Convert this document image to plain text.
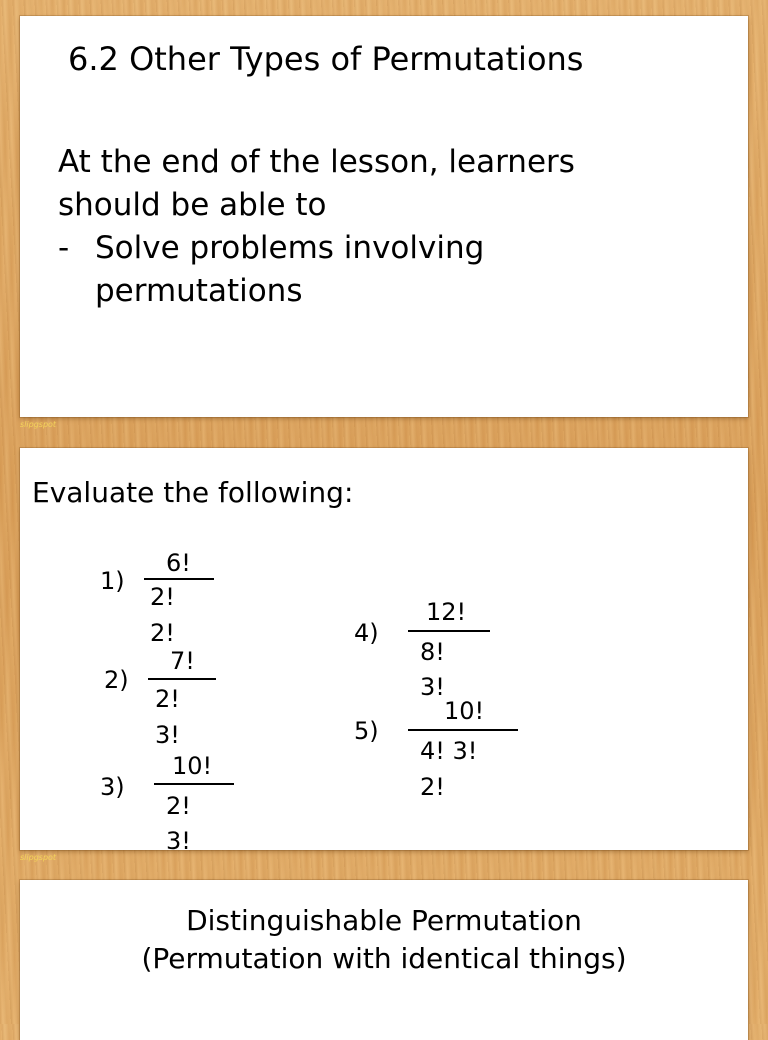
6.2 Other Types of Permutations
At the end of the lesson, learners
should be able to
- Solve problems involving
permutations
slipgspot
Evaluate the following:
1)
6!
2!
2!
2)
7!
2!
3!
3)
10!
2!
3!
4)
12!
8!
3!
5)
10!
4! 3!
2!
slipgspot
Distinguishable Permutation
(Permutation with identical things)
